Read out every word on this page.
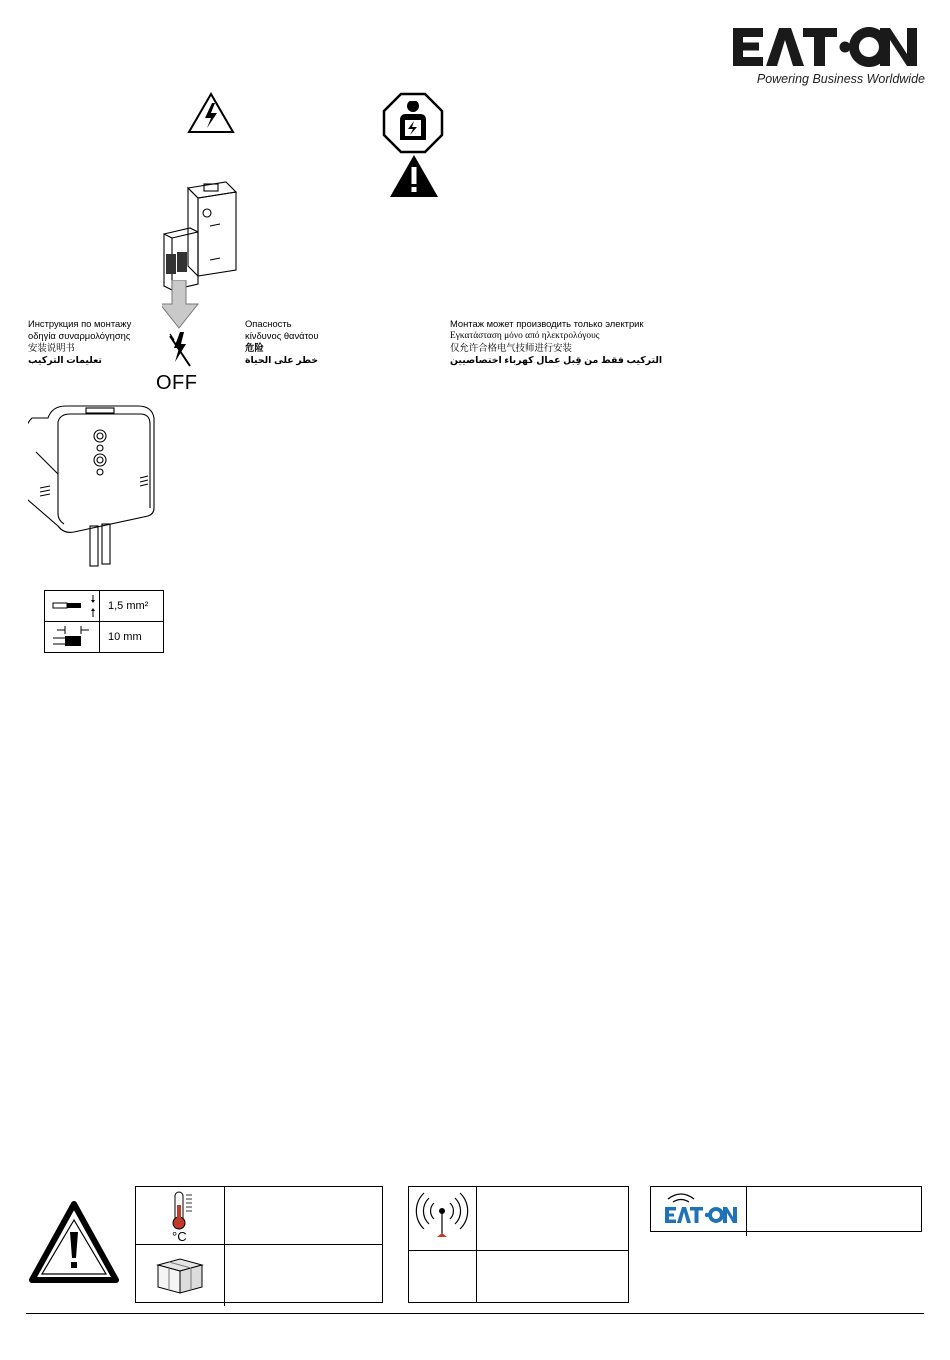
Powering Business Worldwide
OFF
Инструкция по монтажу
οδηγία συναρμολόγησης
安装说明书
تعليمات التركيب
Опасность
κίνδυνος θανάτου
危险
خطر على الحياة
Монтаж может производить только электрик
Εγκατάσταση μόνο από ηλεκτρολόγους
仅允许合格电气技师进行安装
التركيب فقط من قِبل عمال كهرباء اختصاصيين
	1,5 mm²

	10 mm
°C
